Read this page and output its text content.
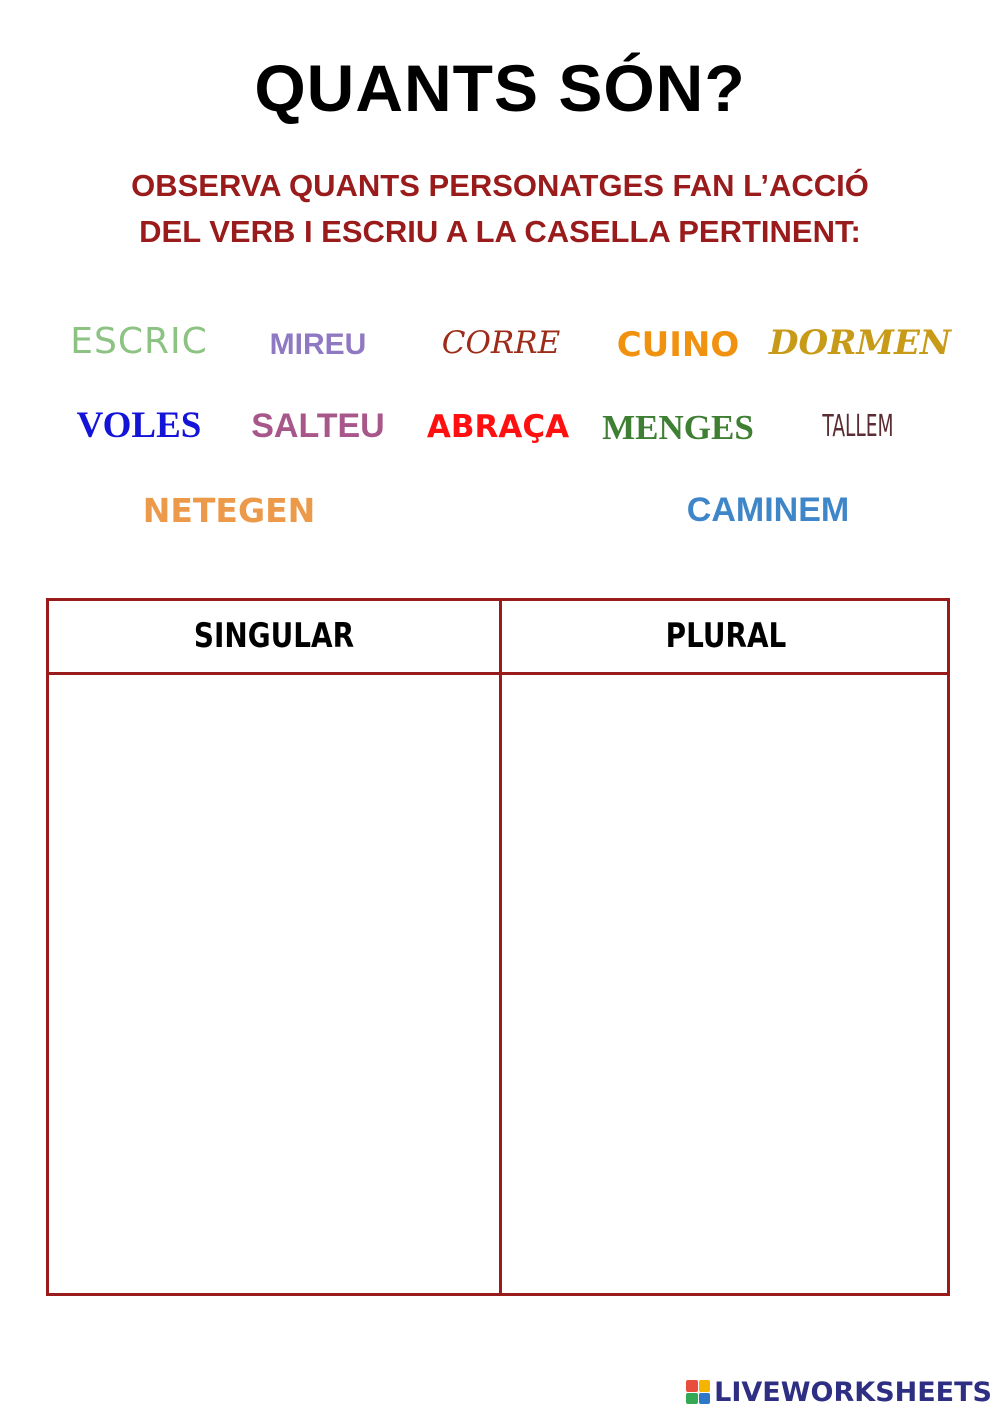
QUANTS SÓN?
OBSERVA QUANTS PERSONATGES FAN L’ACCIÓ
DEL VERB I ESCRIU A LA CASELLA PERTINENT:
ESCRIC MIREU CORRE CUINO DORMEN
VOLES SALTEU ABRAÇA MENGES TALLEM
NETEGEN	CAMINEM
SINGULAR	PLURAL
LIVEWORKSHEETS
